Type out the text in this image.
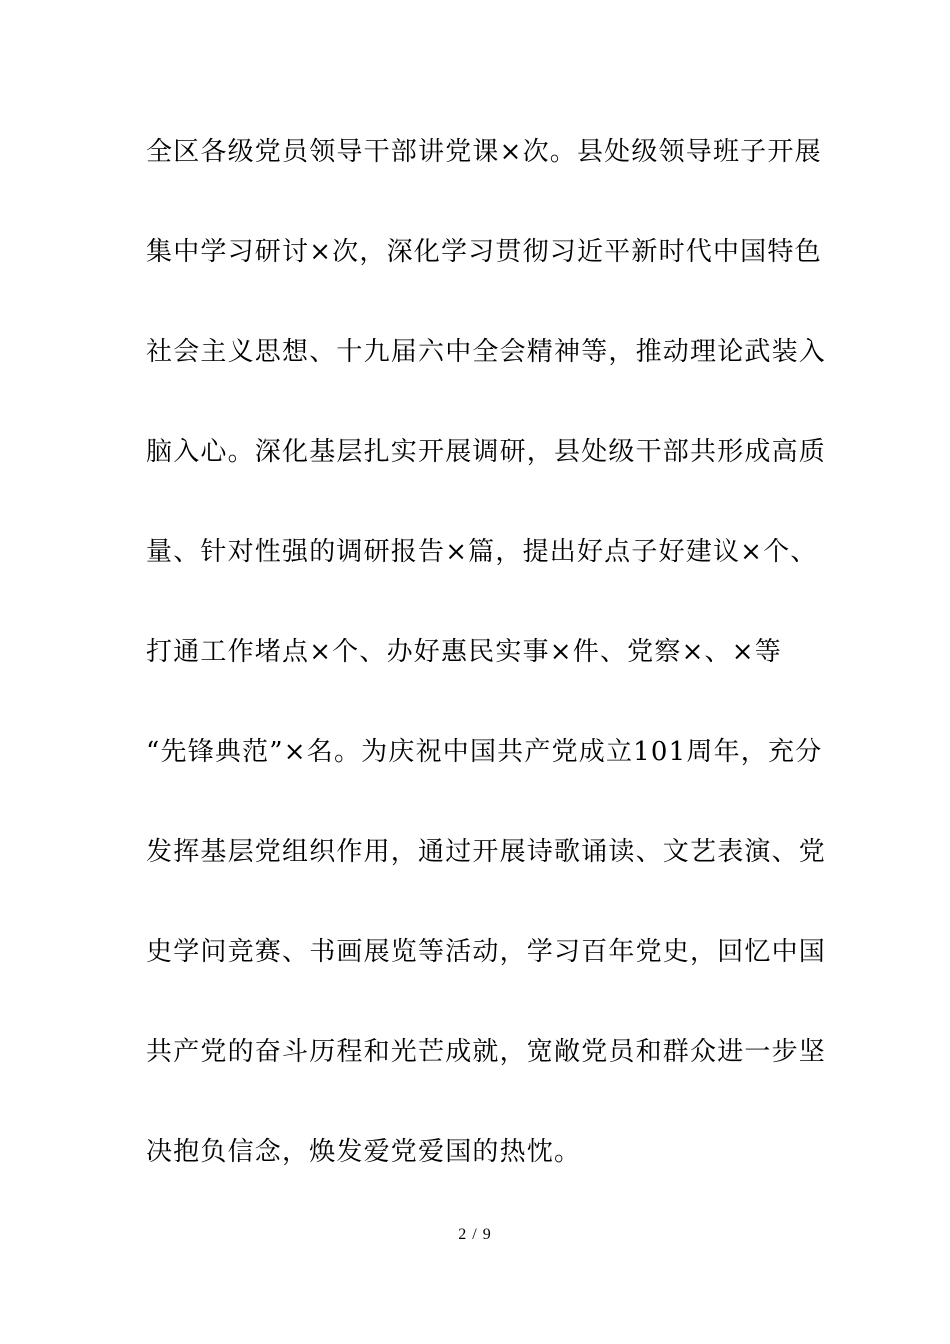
全区各级党员领导干部讲党课×次。县处级领导班子开展
集中学习研讨×次，深化学习贯彻习近平新时代中国特色
社会主义思想、十九届六中全会精神等，推动理论武装入
脑入心。深化基层扎实开展调研，县处级干部共形成高质
量、针对性强的调研报告×篇，提出好点子好建议×个、
打通工作堵点×个、办好惠民实事×件、党察×、×等
“先锋典范”×名。为庆祝中国共产党成立101周年，充分
发挥基层党组织作用，通过开展诗歌诵读、文艺表演、党
史学问竞赛、书画展览等活动，学习百年党史，回忆中国
共产党的奋斗历程和光芒成就，宽敞党员和群众进一步坚
决抱负信念，焕发爱党爱国的热忱。
2 / 9
